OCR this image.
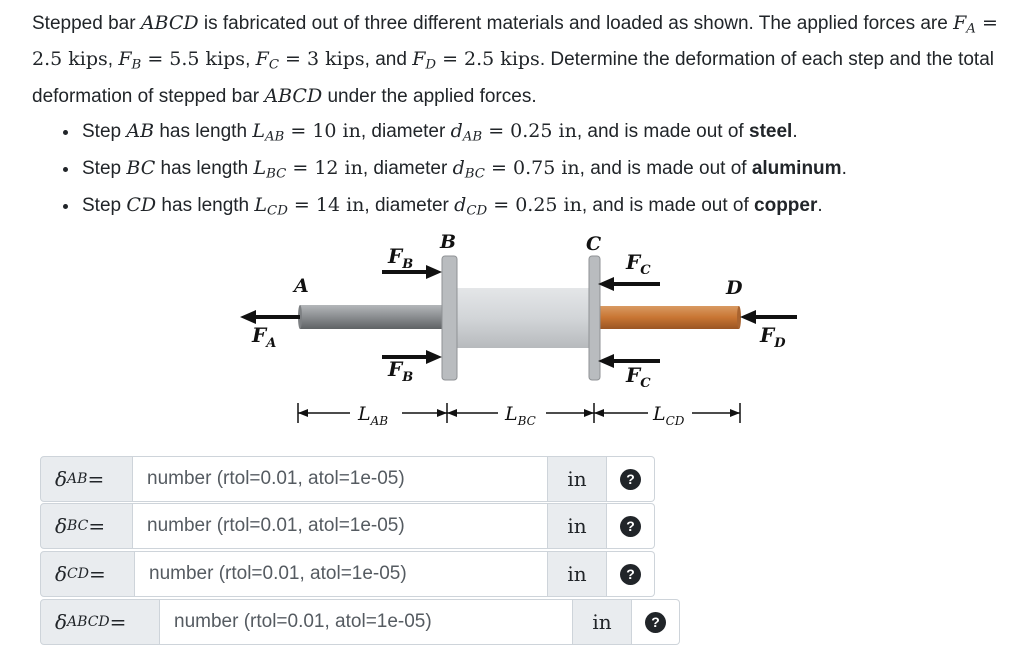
Stepped bar ABCD is fabricated out of three different materials and loaded as shown. The applied forces are $F_A = 2.5$ kips, $F_B = 5.5$ kips, $F_C = 3$ kips, and $F_D = 2.5$ kips. Determine the deformation of each step and the total deformation of stepped bar ABCD under the applied forces.
• Step AB has length $L_{AB} = 10$ in, diameter $d_{AB} = 0.25$ in, and is made out of steel.
• Step BC has length $L_{BC} = 12$ in, diameter $d_{BC} = 0.75$ in, and is made out of aluminum.
• Step CD has length $L_{CD} = 14$ in, diameter $d_{CD} = 0.25$ in, and is made out of copper.
A
B	C
D
$F_A$
$F_B$
$F_B$
$F_C$
$F_C$
$F_D$
$L_{AB}$	$L_{BC}$	$L_{CD}$
δ AB =
number (rtol=0.01, atol=1e-05)	in	?
δ BC =
number (rtol=0.01, atol=1e-05)	in	?
δ CD =
number (rtol=0.01, atol=1e-05)	in	?
δ ABCD =
number (rtol=0.01, atol=1e-05)	in	?
